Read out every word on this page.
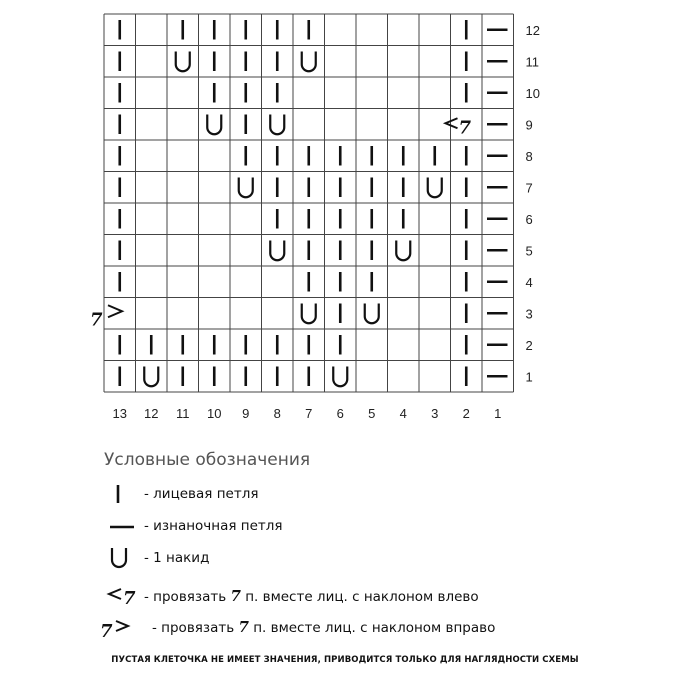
7
7
12
11
10
9
8
7
6
5
4
3
2
1
13 12 11 10 9 8 7 6 5 4 3 2 1
Условные обозначения
- лицевая петля
- изнаночная петля
- 1 накид
7 - провязать 7 п. вместе лиц. с наклоном влево
7	- провязать 7 п. вместе лиц. с наклоном вправо
ПУСТАЯ КЛЕТОЧКА НЕ ИМЕЕТ ЗНАЧЕНИЯ, ПРИВОДИТСЯ ТОЛЬКО ДЛЯ НАГЛЯДНОСТИ СХЕМЫ
